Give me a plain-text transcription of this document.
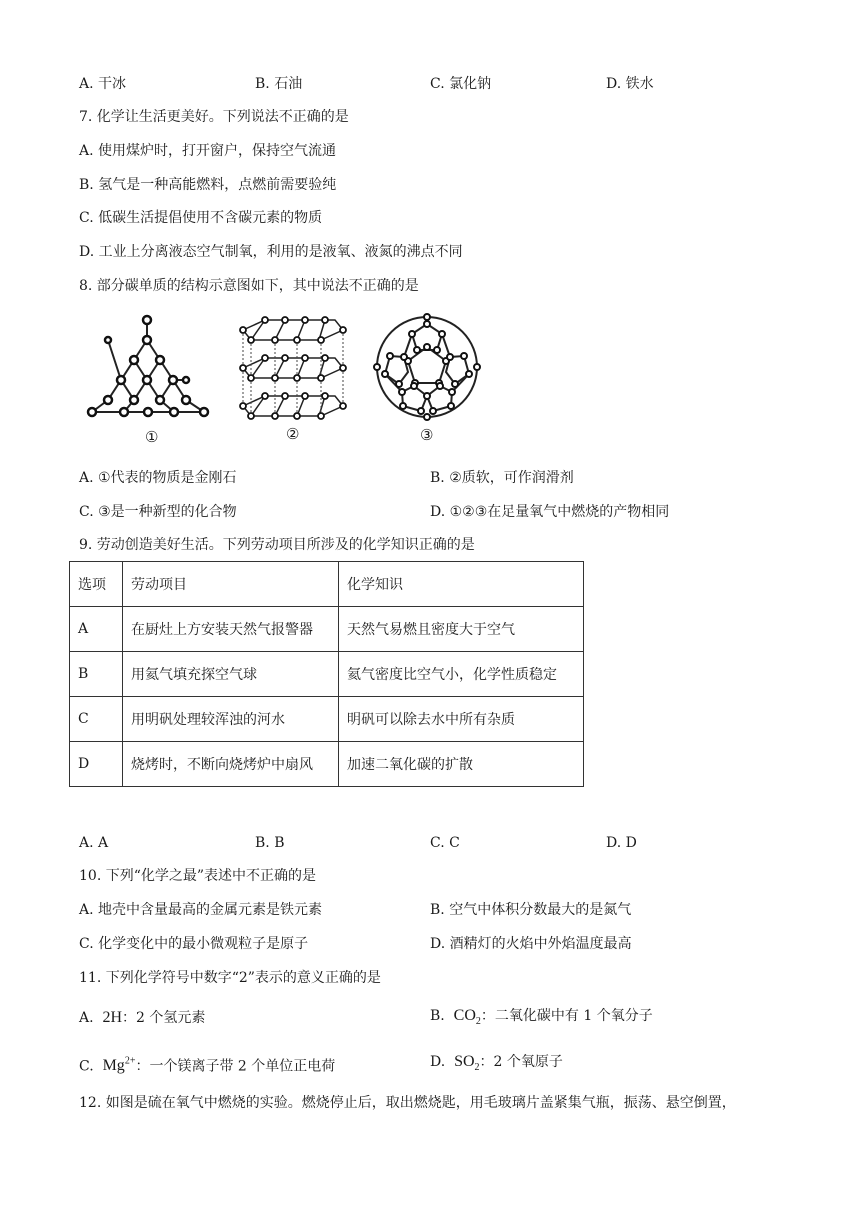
A. 干冰	B. 石油	C. 氯化钠	D. 铁水
7. 化学让生活更美好。下列说法不正确的是
A. 使用煤炉时，打开窗户，保持空气流通
B. 氢气是一种高能燃料，点燃前需要验纯
C. 低碳生活提倡使用不含碳元素的物质
D. 工业上分离液态空气制氧，利用的是液氧、液氮的沸点不同
8. 部分碳单质的结构示意图如下，其中说法不正确的是
①	②	③
A. ①代表的物质是金刚石	B. ②质软，可作润滑剂
C. ③是一种新型的化合物	D. ①②③在足量氧气中燃烧的产物相同
9. 劳动创造美好生活。下列劳动项目所涉及的化学知识正确的是
选项	劳动项目	化学知识
A	在厨灶上方安装天然气报警器	天然气易燃且密度大于空气
B	用氦气填充探空气球	氦气密度比空气小，化学性质稳定
C	用明矾处理较浑浊的河水	明矾可以除去水中所有杂质
D	烧烤时，不断向烧烤炉中扇风	加速二氧化碳的扩散
A. A	B. B	C. C	D. D
10. 下列“化学之最”表述中不正确的是
A. 地壳中含量最高的金属元素是铁元素	B. 空气中体积分数最大的是氮气
C. 化学变化中的最小微观粒子是原子	D. 酒精灯的火焰中外焰温度最高
11. 下列化学符号中数字“2”表示的意义正确的是
A. 2H：2 个氢元素	B. $CO_2$：二氧化碳中有 1 个氧分子
C. $Mg^{2+}$：一个镁离子带 2 个单位正电荷	D. $SO_2$：2 个氧原子
12. 如图是硫在氧气中燃烧的实验。燃烧停止后，取出燃烧匙，用毛玻璃片盖紧集气瓶，振荡、悬空倒置，
